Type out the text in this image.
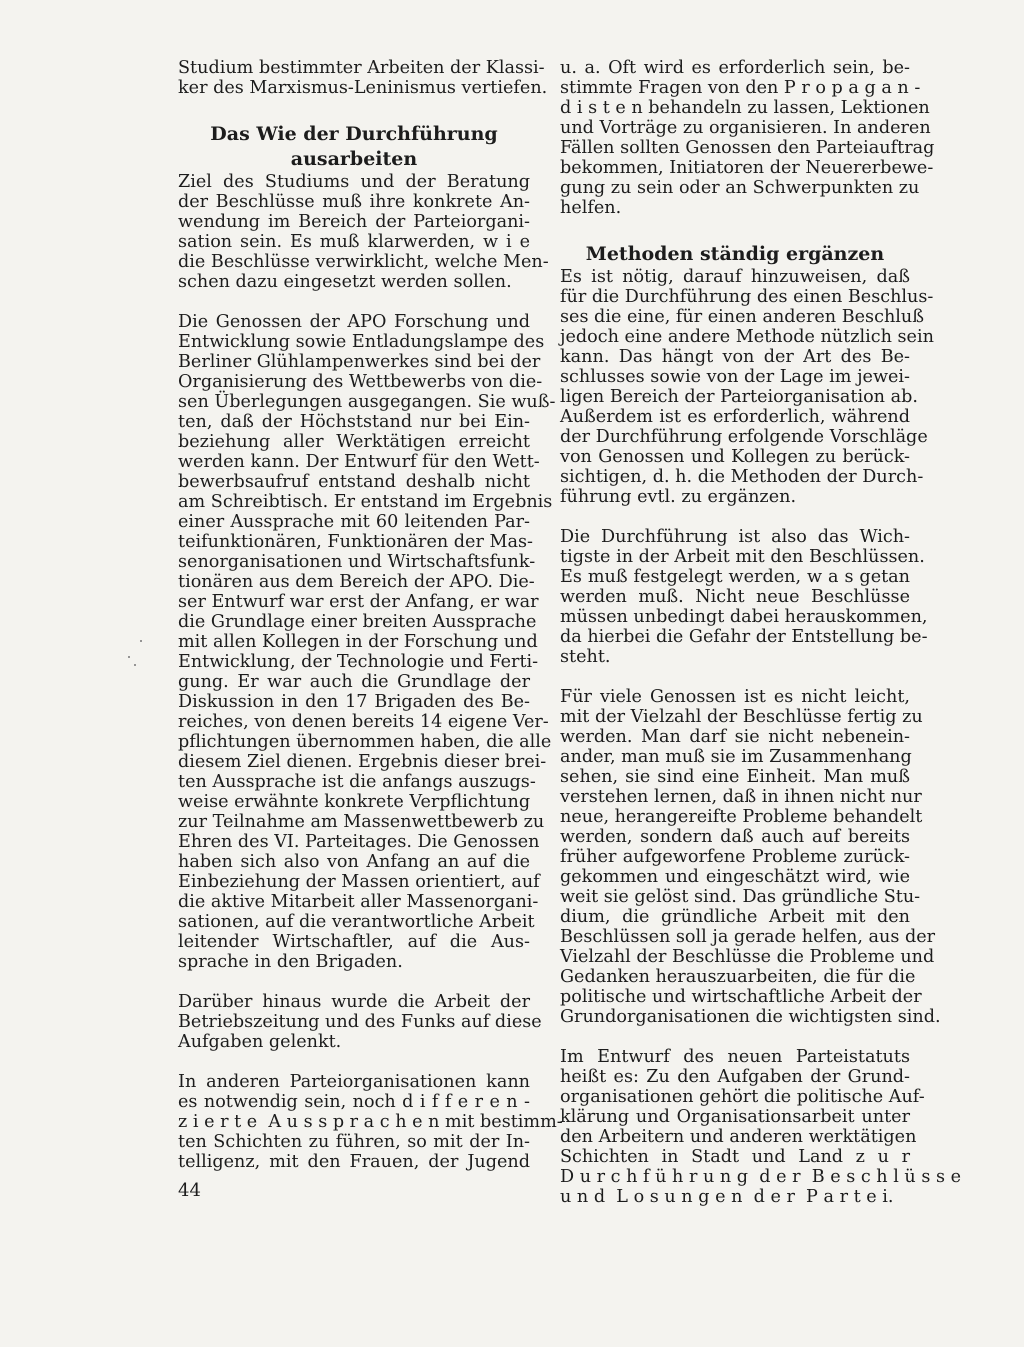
Studium bestimmter Arbeiten der Klassi-
ker des Marxismus-Leninismus vertiefen.
Das Wie der Durchführung
ausarbeiten
Ziel des Studiums und der Beratung
der Beschlüsse muß ihre konkrete An-
wendung im Bereich der Parteiorgani-
sation sein. Es muß klarwerden, w i e
die Beschlüsse verwirklicht, welche Men-
schen dazu eingesetzt werden sollen.
Die Genossen der APO Forschung und
Entwicklung sowie Entladungslampe des
Berliner Glühlampenwerkes sind bei der
Organisierung des Wettbewerbs von die-
sen Überlegungen ausgegangen. Sie wuß-
ten, daß der Höchststand nur bei Ein-
beziehung aller Werktätigen erreicht
werden kann. Der Entwurf für den Wett-
bewerbsaufruf entstand deshalb nicht
am Schreibtisch. Er entstand im Ergebnis
einer Aussprache mit 60 leitenden Par-
teifunktionären, Funktionären der Mas-
senorganisationen und Wirtschaftsfunk-
tionären aus dem Bereich der APO. Die-
ser Entwurf war erst der Anfang, er war
die Grundlage einer breiten Aussprache
mit allen Kollegen in der Forschung und
Entwicklung, der Technologie und Ferti-
gung. Er war auch die Grundlage der
Diskussion in den 17 Brigaden des Be-
reiches, von denen bereits 14 eigene Ver-
pflichtungen übernommen haben, die alle
diesem Ziel dienen. Ergebnis dieser brei-
ten Aussprache ist die anfangs auszugs-
weise erwähnte konkrete Verpflichtung
zur Teilnahme am Massenwettbewerb zu
Ehren des VI. Parteitages. Die Genossen
haben sich also von Anfang an auf die
Einbeziehung der Massen orientiert, auf
die aktive Mitarbeit aller Massenorgani-
sationen, auf die verantwortliche Arbeit
leitender Wirtschaftler, auf die Aus-
sprache in den Brigaden.
Darüber hinaus wurde die Arbeit der
Betriebszeitung und des Funks auf diese
Aufgaben gelenkt.
In anderen Parteiorganisationen kann
es notwendig sein, noch d i f f e r e n -
z i e r t e  A u s s p r a c h e n mit bestimm-
ten Schichten zu führen, so mit der In-
telligenz, mit den Frauen, der Jugend
u. a. Oft wird es erforderlich sein, be-
stimmte Fragen von den P r o p a g a n -
d i s t e n behandeln zu lassen, Lektionen
und Vorträge zu organisieren. In anderen
Fällen sollten Genossen den Parteiauftrag
bekommen, Initiatoren der Neuererbewe-
gung zu sein oder an Schwerpunkten zu
helfen.
Methoden ständig ergänzen
Es ist nötig, darauf hinzuweisen, daß
für die Durchführung des einen Beschlus-
ses die eine, für einen anderen Beschluß
jedoch eine andere Methode nützlich sein
kann. Das hängt von der Art des Be-
schlusses sowie von der Lage im jewei-
ligen Bereich der Parteiorganisation ab.
Außerdem ist es erforderlich, während
der Durchführung erfolgende Vorschläge
von Genossen und Kollegen zu berück-
sichtigen, d. h. die Methoden der Durch-
führung evtl. zu ergänzen.
Die Durchführung ist also das Wich-
tigste in der Arbeit mit den Beschlüssen.
Es muß festgelegt werden, w a s getan
werden muß. Nicht neue Beschlüsse
müssen unbedingt dabei herauskommen,
da hierbei die Gefahr der Entstellung be-
steht.
Für viele Genossen ist es nicht leicht,
mit der Vielzahl der Beschlüsse fertig zu
werden. Man darf sie nicht nebenein-
ander, man muß sie im Zusammenhang
sehen, sie sind eine Einheit. Man muß
verstehen lernen, daß in ihnen nicht nur
neue, herangereifte Probleme behandelt
werden, sondern daß auch auf bereits
früher aufgeworfene Probleme zurück-
gekommen und eingeschätzt wird, wie
weit sie gelöst sind. Das gründliche Stu-
dium, die gründliche Arbeit mit den
Beschlüssen soll ja gerade helfen, aus der
Vielzahl der Beschlüsse die Probleme und
Gedanken herauszuarbeiten, die für die
politische und wirtschaftliche Arbeit der
Grundorganisationen die wichtigsten sind.
Im Entwurf des neuen Parteistatuts
heißt es: Zu den Aufgaben der Grund-
organisationen gehört die politische Auf-
klärung und Organisationsarbeit unter
den Arbeitern und anderen werktätigen
Schichten in Stadt und Land z u r
D u r c h f ü h r u n g  d e r  B e s c h l ü s s e
u n d  L o s u n g e n  d e r  P a r t e i.
44
